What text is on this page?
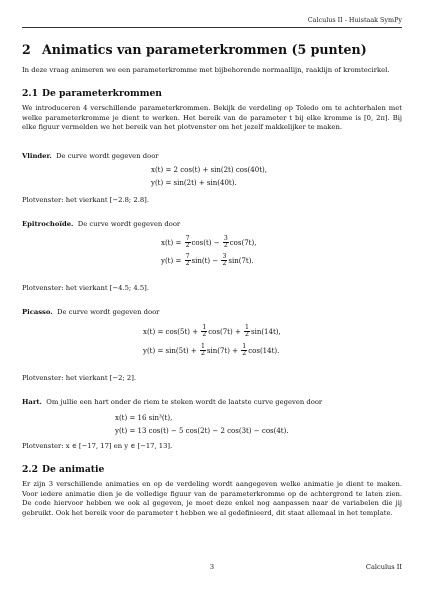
Calculus II - Huistaak SymPy
2 Animatics van parameterkrommen (5 punten)

In deze vraag animeren we een parameterkromme met bijbehorende normaallijn, raaklijn of kromtecirkel.

2.1 De parameterkrommen

We introduceren 4 verschillende parameterkrommen. Bekijk de verdeling op Toledo om te achterhalen met welke parameterkromme je dient te werken. Het bereik van de parameter t bij elke kromme is [0, 2π]. Bij elke figuur vermelden we het bereik van het plotvenster om het jezelf makkelijker te maken.

Vlinder. De curve wordt gegeven door

x(t) = 2 cos(t) + sin(2t) cos(40t),
y(t) = sin(2t) + sin(40t).

Plotvenster: het vierkant [−2.8; 2.8].

Epitrochoïde. De curve wordt gegeven door

$x(t) = \frac{7}{2} \cos(t) - \frac{3}{2} \cos(7t)$,
$y(t) = \frac{7}{2} \sin(t) - \frac{3}{2} \sin(7t)$.

Plotvenster: het vierkant [−4.5; 4.5].

Picasso. De curve wordt gegeven door

$x(t) = \cos(5t) + \frac{1}{2} \cos(7t) + \frac{1}{2} \sin(14t)$,
$y(t) = \sin(5t) + \frac{1}{2} \sin(7t) + \frac{1}{2} \cos(14t)$.

Plotvenster: het vierkant [−2; 2].

Hart. Om jullie een hart onder de riem te steken wordt de laatste curve gegeven door

x(t) = 16 sin³(t),
y(t) = 13 cos(t) − 5 cos(2t) − 2 cos(3t) − cos(4t).

Plotvenster: x ∈ [−17, 17] en y ∈ [−17, 13].

2.2 De animatie

Er zijn 3 verschillende animaties en op de verdeling wordt aangegeven welke animatie je dient te maken. Voor iedere animatie dien je de volledige figuur van de parameterkromme op de achtergrond te laten zien. De code hiervoor hebben we ook al gegeven, je moet deze enkel nog aanpassen naar de variabelen die jij gebruikt. Ook het bereik voor de parameter t hebben we al gedefinieerd, dit staat allemaal in het template.

3	Calculus II
